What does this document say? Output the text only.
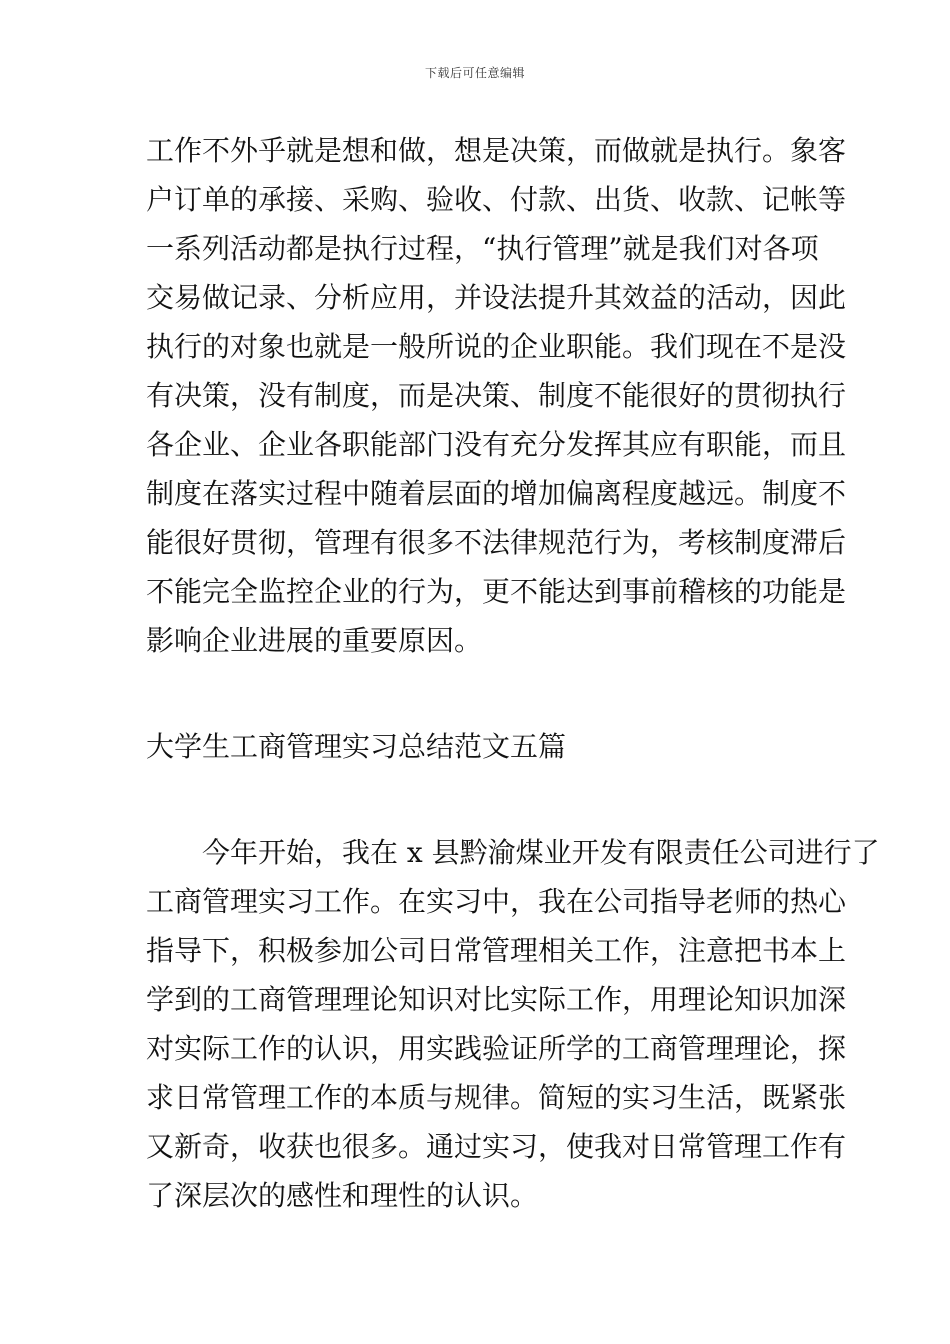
下载后可任意编辑
工作不外乎就是想和做，想是决策，而做就是执行。象客
户订单的承接、采购、验收、付款、出货、收款、记帐等
一系列活动都是执行过程，“执行管理”就是我们对各项
交易做记录、分析应用，并设法提升其效益的活动，因此
执行的对象也就是一般所说的企业职能。我们现在不是没
有决策，没有制度，而是决策、制度不能很好的贯彻执行
各企业、企业各职能部门没有充分发挥其应有职能，而且
制度在落实过程中随着层面的增加偏离程度越远。制度不
能很好贯彻，管理有很多不法律规范行为，考核制度滞后
不能完全监控企业的行为，更不能达到事前稽核的功能是
影响企业进展的重要原因。
大学生工商管理实习总结范文五篇
今年开始，我在 x 县黔渝煤业开发有限责任公司进行了
工商管理实习工作。在实习中，我在公司指导老师的热心
指导下，积极参加公司日常管理相关工作，注意把书本上
学到的工商管理理论知识对比实际工作，用理论知识加深
对实际工作的认识，用实践验证所学的工商管理理论，探
求日常管理工作的本质与规律。简短的实习生活，既紧张
又新奇，收获也很多。通过实习，使我对日常管理工作有
了深层次的感性和理性的认识。
